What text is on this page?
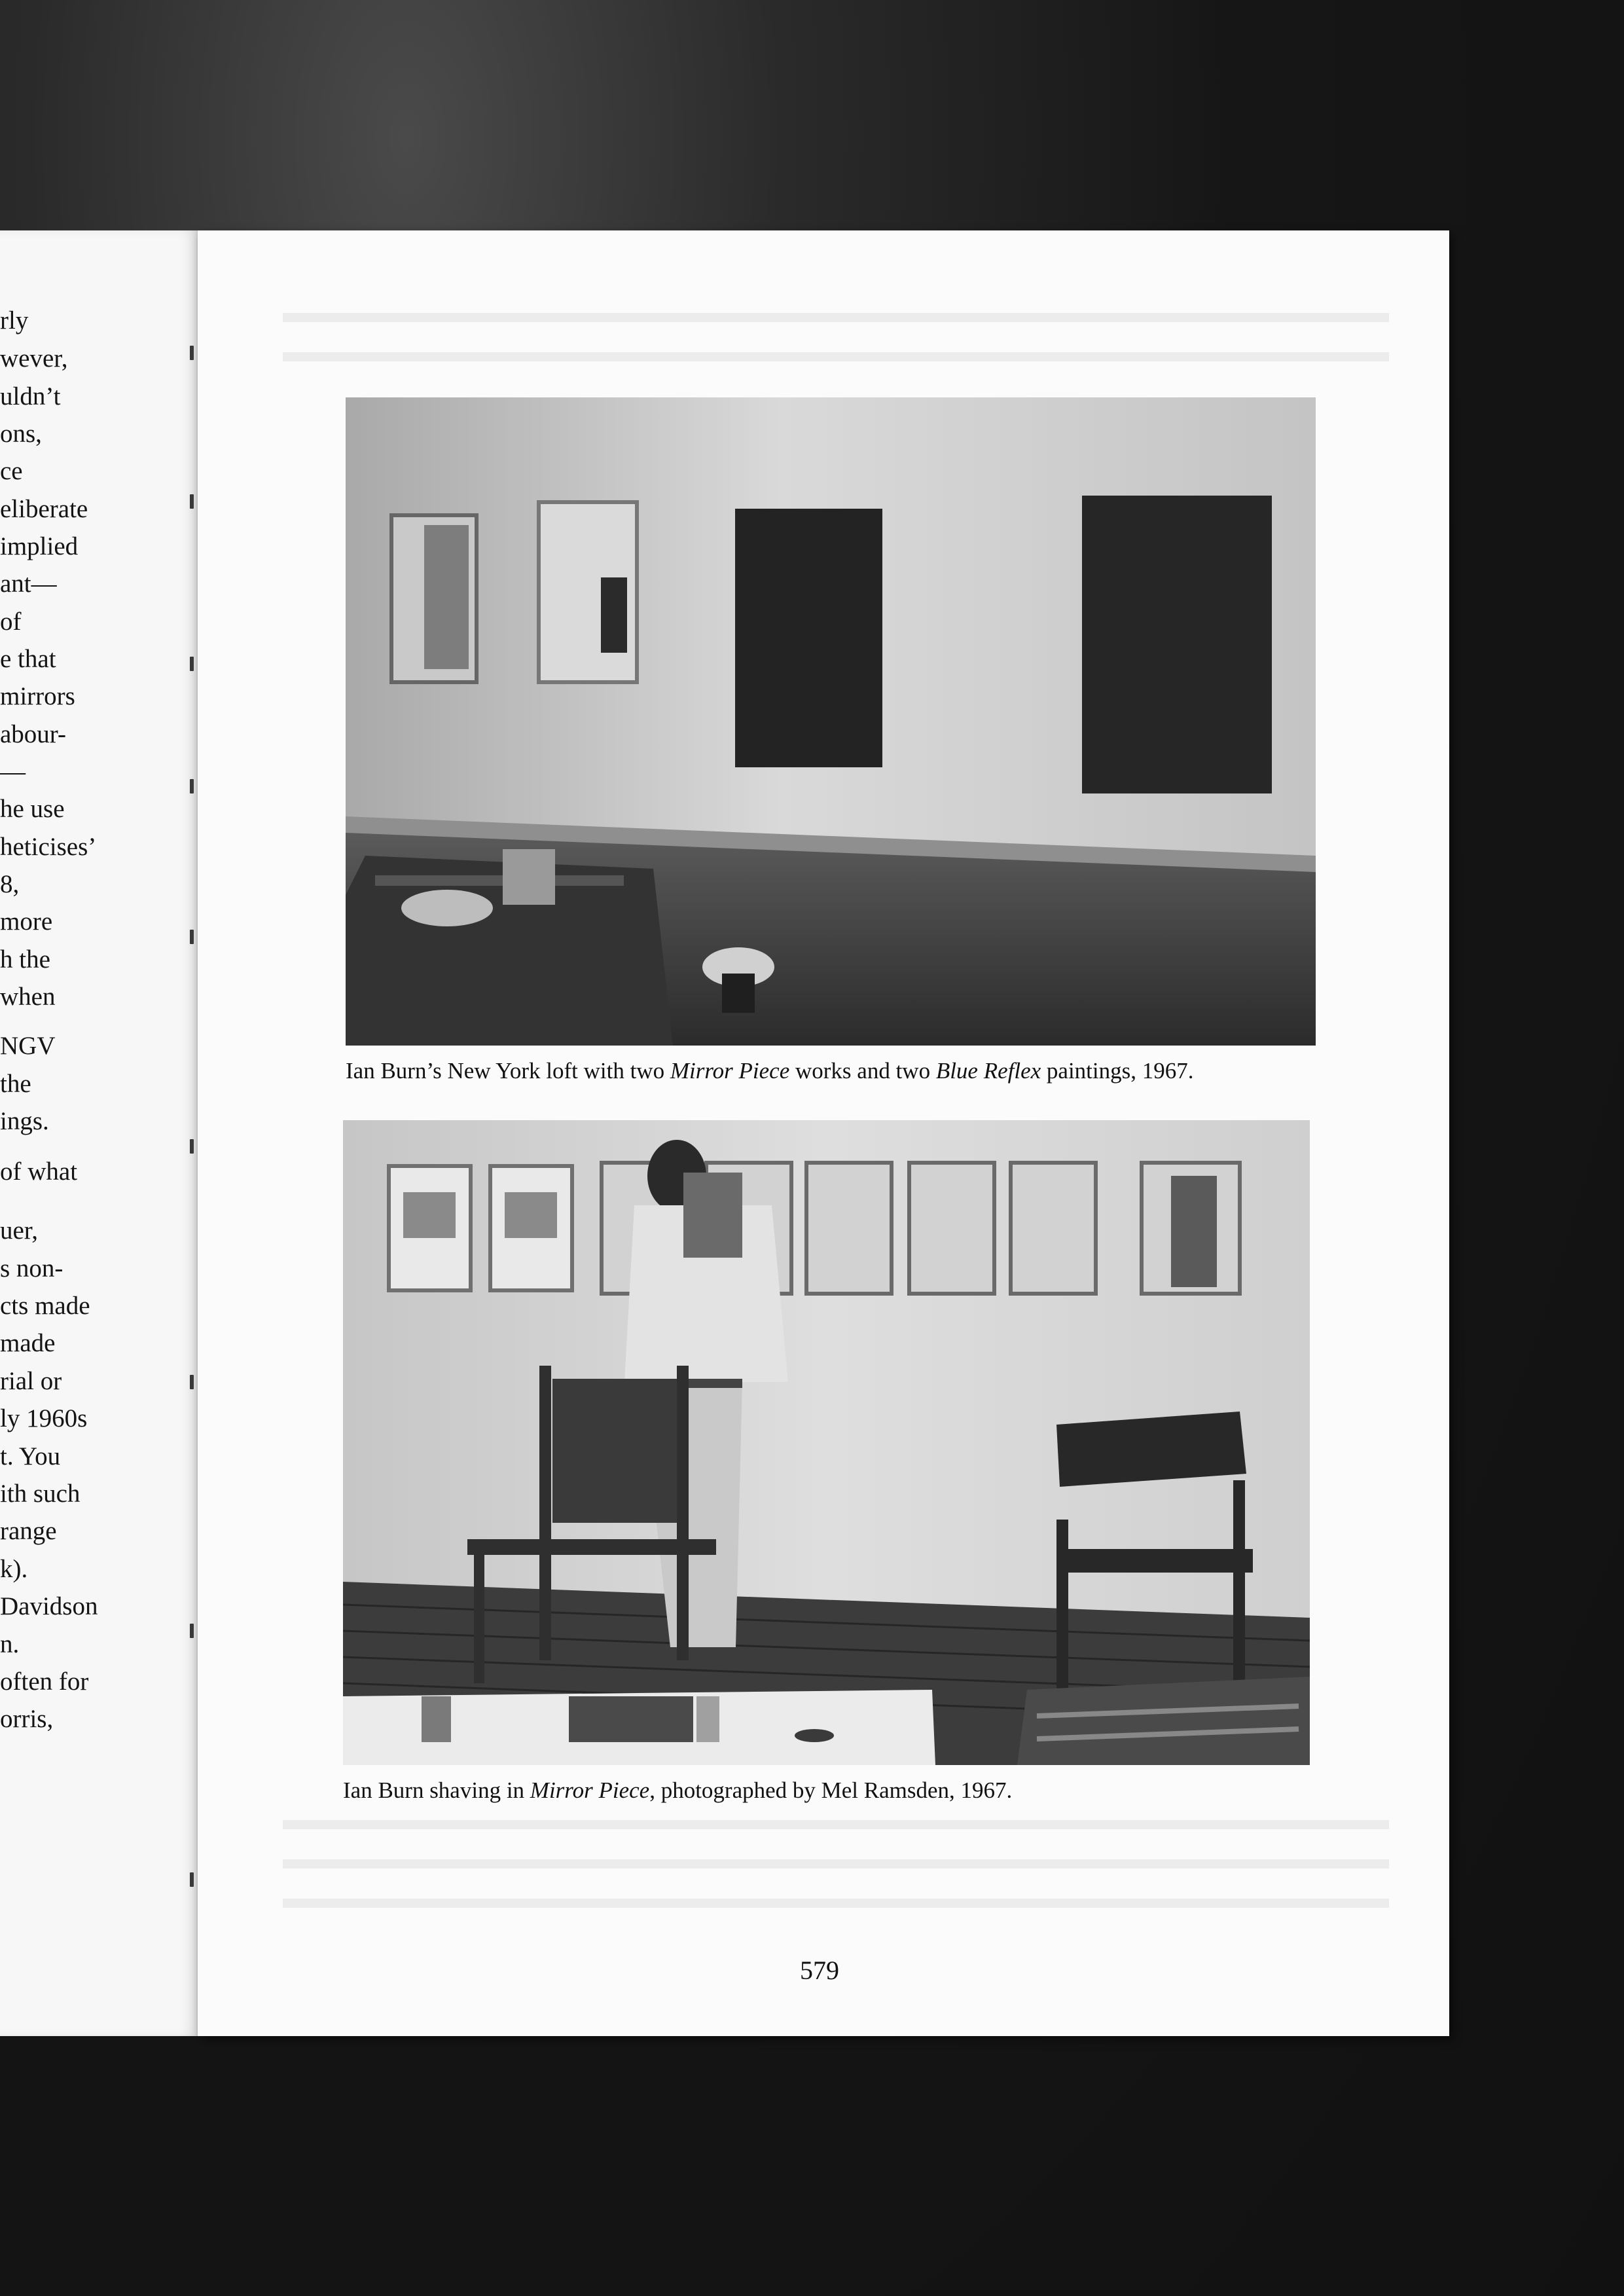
rly
wever,
uldn’t
ons,
ce
eliberate
implied
ant—
of
e that
mirrors
abour-
—
he use
heticises’
8,
more
h the
when
NGV
the
ings.
of what
uer,
s non-
cts made
made
rial or
ly 1960s
t. You
ith such
range
k).
Davidson
n.
often for
orris,
Ian Burn’s New York loft with two Mirror Piece works and two Blue Reflex paintings, 1967.
Ian Burn shaving in Mirror Piece, photographed by Mel Ramsden, 1967.
579
